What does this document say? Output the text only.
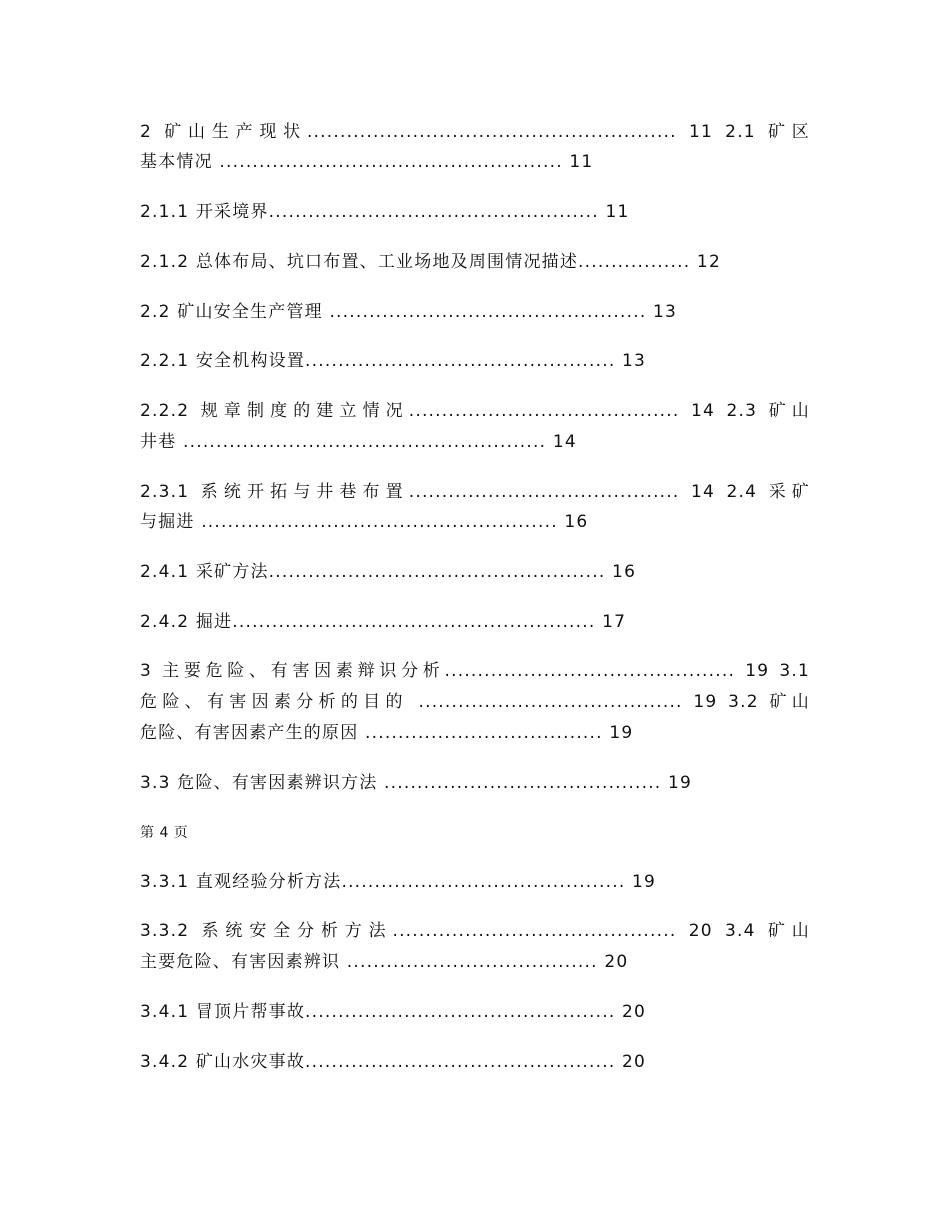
2 矿山生产现状........................................................ 11 2.1 矿区
基本情况 .................................................... 11
2.1.1 开采境界.................................................. 11
2.1.2 总体布局、坑口布置、工业场地及周围情况描述................. 12
2.2 矿山安全生产管理 ................................................ 13
2.2.1 安全机构设置............................................... 13
2.2.2 规章制度的建立情况......................................... 14 2.3 矿山
井巷 ....................................................... 14
2.3.1 系统开拓与井巷布置......................................... 14 2.4 采矿
与掘进 ...................................................... 16
2.4.1 采矿方法................................................... 16
2.4.2 掘进....................................................... 17
3 主要危险、有害因素辩识分析............................................ 19 3.1
危险、有害因素分析的目的 ........................................ 19 3.2 矿山
危险、有害因素产生的原因 .................................... 19
3.3 危险、有害因素辨识方法 .......................................... 19
第 4 页
3.3.1 直观经验分析方法........................................... 19
3.3.2 系统安全分析方法........................................... 20 3.4 矿山
主要危险、有害因素辨识 ...................................... 20
3.4.1 冒顶片帮事故............................................... 20
3.4.2 矿山水灾事故............................................... 20
